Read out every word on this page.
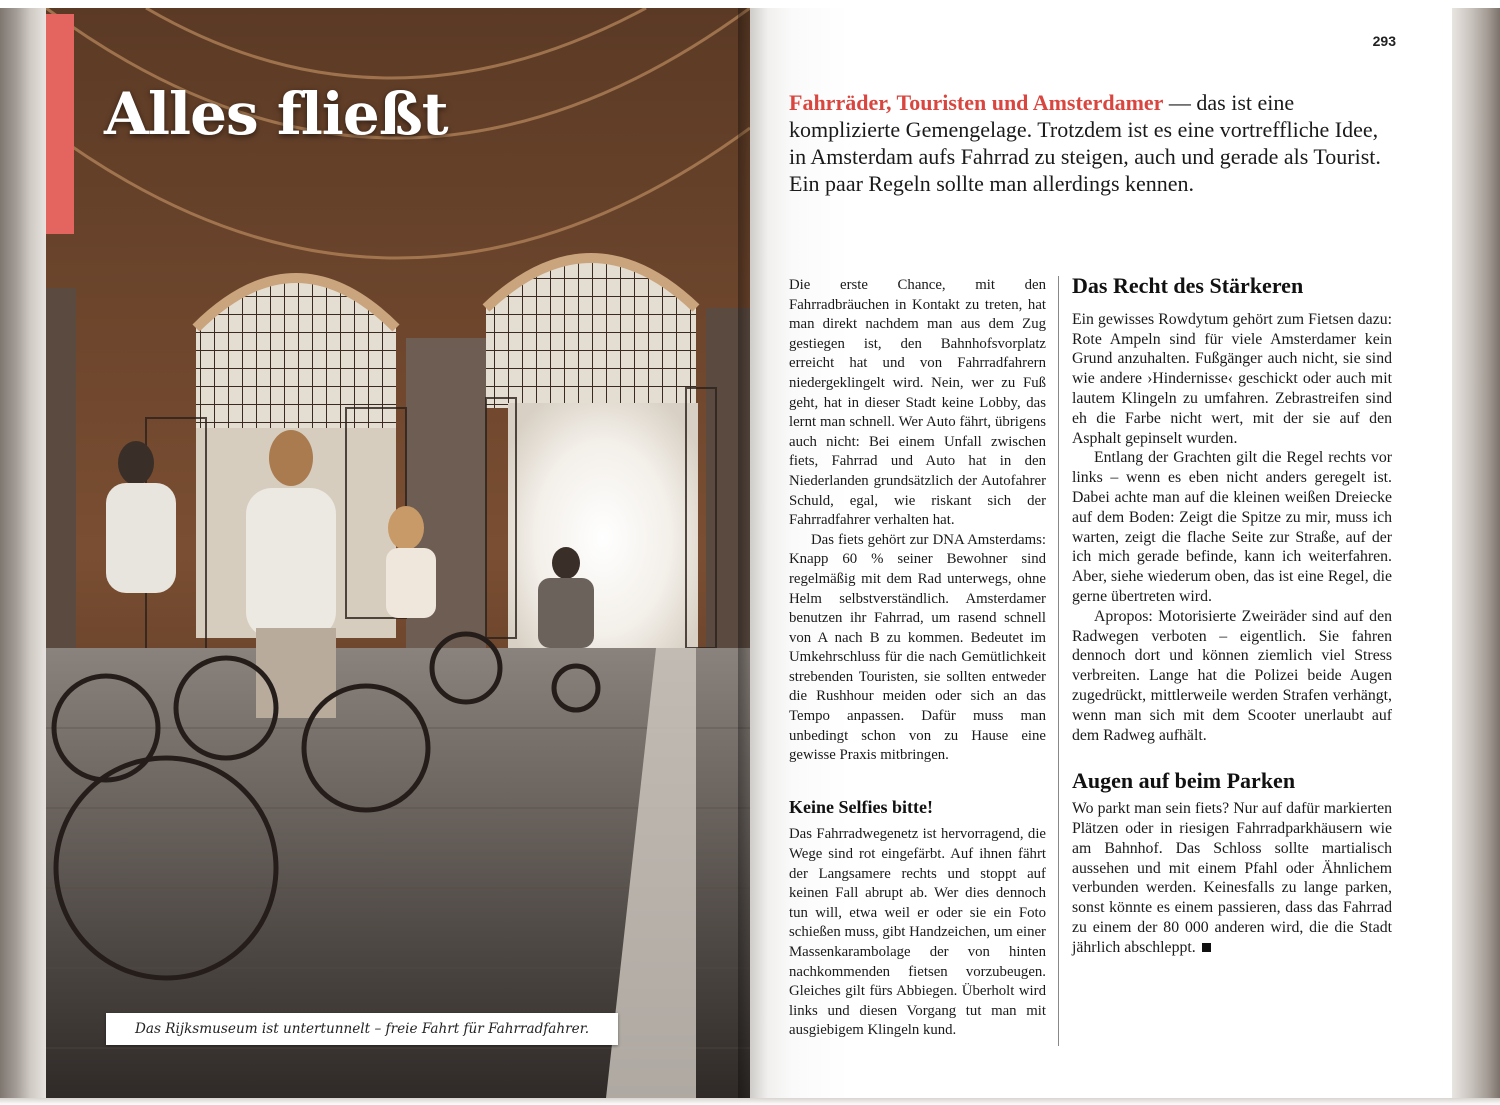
Alles fließt
Das Rijksmuseum ist untertunnelt – freie Fahrt für Fahrradfahrer.
293

Fahrräder, Touristen und Amsterdamer — das ist eine komplizierte Gemengelage. Trotzdem ist es eine vortreffliche Idee, in Amsterdam aufs Fahrrad zu steigen, auch und gerade als Tourist. Ein paar Regeln sollte man allerdings kennen.

Die erste Chance, mit den Fahrradbräuchen in Kontakt zu treten, hat man direkt nachdem man aus dem Zug gestiegen ist, den Bahnhofsvorplatz erreicht hat und von Fahrradfahrern niedergeklingelt wird. Nein, wer zu Fuß geht, hat in dieser Stadt keine Lobby, das lernt man schnell. Wer Auto fährt, übrigens auch nicht: Bei einem Unfall zwischen fiets, Fahrrad und Auto hat in den Niederlanden grundsätzlich der Autofahrer Schuld, egal, wie riskant sich der Fahrradfahrer verhalten hat.

Das fiets gehört zur DNA Amsterdams: Knapp 60 % seiner Bewohner sind regelmäßig mit dem Rad unterwegs, ohne Helm selbstverständlich. Amsterdamer benutzen ihr Fahrrad, um rasend schnell von A nach B zu kommen. Bedeutet im Umkehrschluss für die nach Gemütlichkeit strebenden Touristen, sie sollten entweder die Rushhour meiden oder sich an das Tempo anpassen. Dafür muss man unbedingt schon von zu Hause eine gewisse Praxis mitbringen.

Keine Selfies bitte!

Das Fahrradwegenetz ist hervorragend, die Wege sind rot eingefärbt. Auf ihnen fährt der Langsamere rechts und stoppt auf keinen Fall abrupt ab. Wer dies dennoch tun will, etwa weil er oder sie ein Foto schießen muss, gibt Handzeichen, um einer Massenkarambolage der von hinten nachkommenden fietsen vorzubeugen. Gleiches gilt fürs Abbiegen. Überholt wird links und diesen Vorgang tut man mit ausgiebigem Klingeln kund.

Das Recht des Stärkeren

Ein gewisses Rowdytum gehört zum Fietsen dazu: Rote Ampeln sind für viele Amsterdamer kein Grund anzuhalten. Fußgänger auch nicht, sie sind wie andere ›Hindernisse‹ geschickt oder auch mit lautem Klingeln zu umfahren. Zebrastreifen sind eh die Farbe nicht wert, mit der sie auf den Asphalt gepinselt wurden.

Entlang der Grachten gilt die Regel rechts vor links – wenn es eben nicht anders geregelt ist. Dabei achte man auf die kleinen weißen Dreiecke auf dem Boden: Zeigt die Spitze zu mir, muss ich warten, zeigt die flache Seite zur Straße, auf der ich mich gerade befinde, kann ich weiterfahren. Aber, siehe wiederum oben, das ist eine Regel, die gerne übertreten wird.

Apropos: Motorisierte Zweiräder sind auf den Radwegen verboten – eigentlich. Sie fahren dennoch dort und können ziemlich viel Stress verbreiten. Lange hat die Polizei beide Augen zugedrückt, mittlerweile werden Strafen verhängt, wenn man sich mit dem Scooter unerlaubt auf dem Radweg aufhält.

Augen auf beim Parken

Wo parkt man sein fiets? Nur auf dafür markierten Plätzen oder in riesigen Fahrradparkhäusern wie am Bahnhof. Das Schloss sollte martialisch aussehen und mit einem Pfahl oder Ähnlichem verbunden werden. Keinesfalls zu lange parken, sonst könnte es einem passieren, dass das Fahrrad zu einem der 80 000 anderen wird, die die Stadt jährlich abschleppt.
